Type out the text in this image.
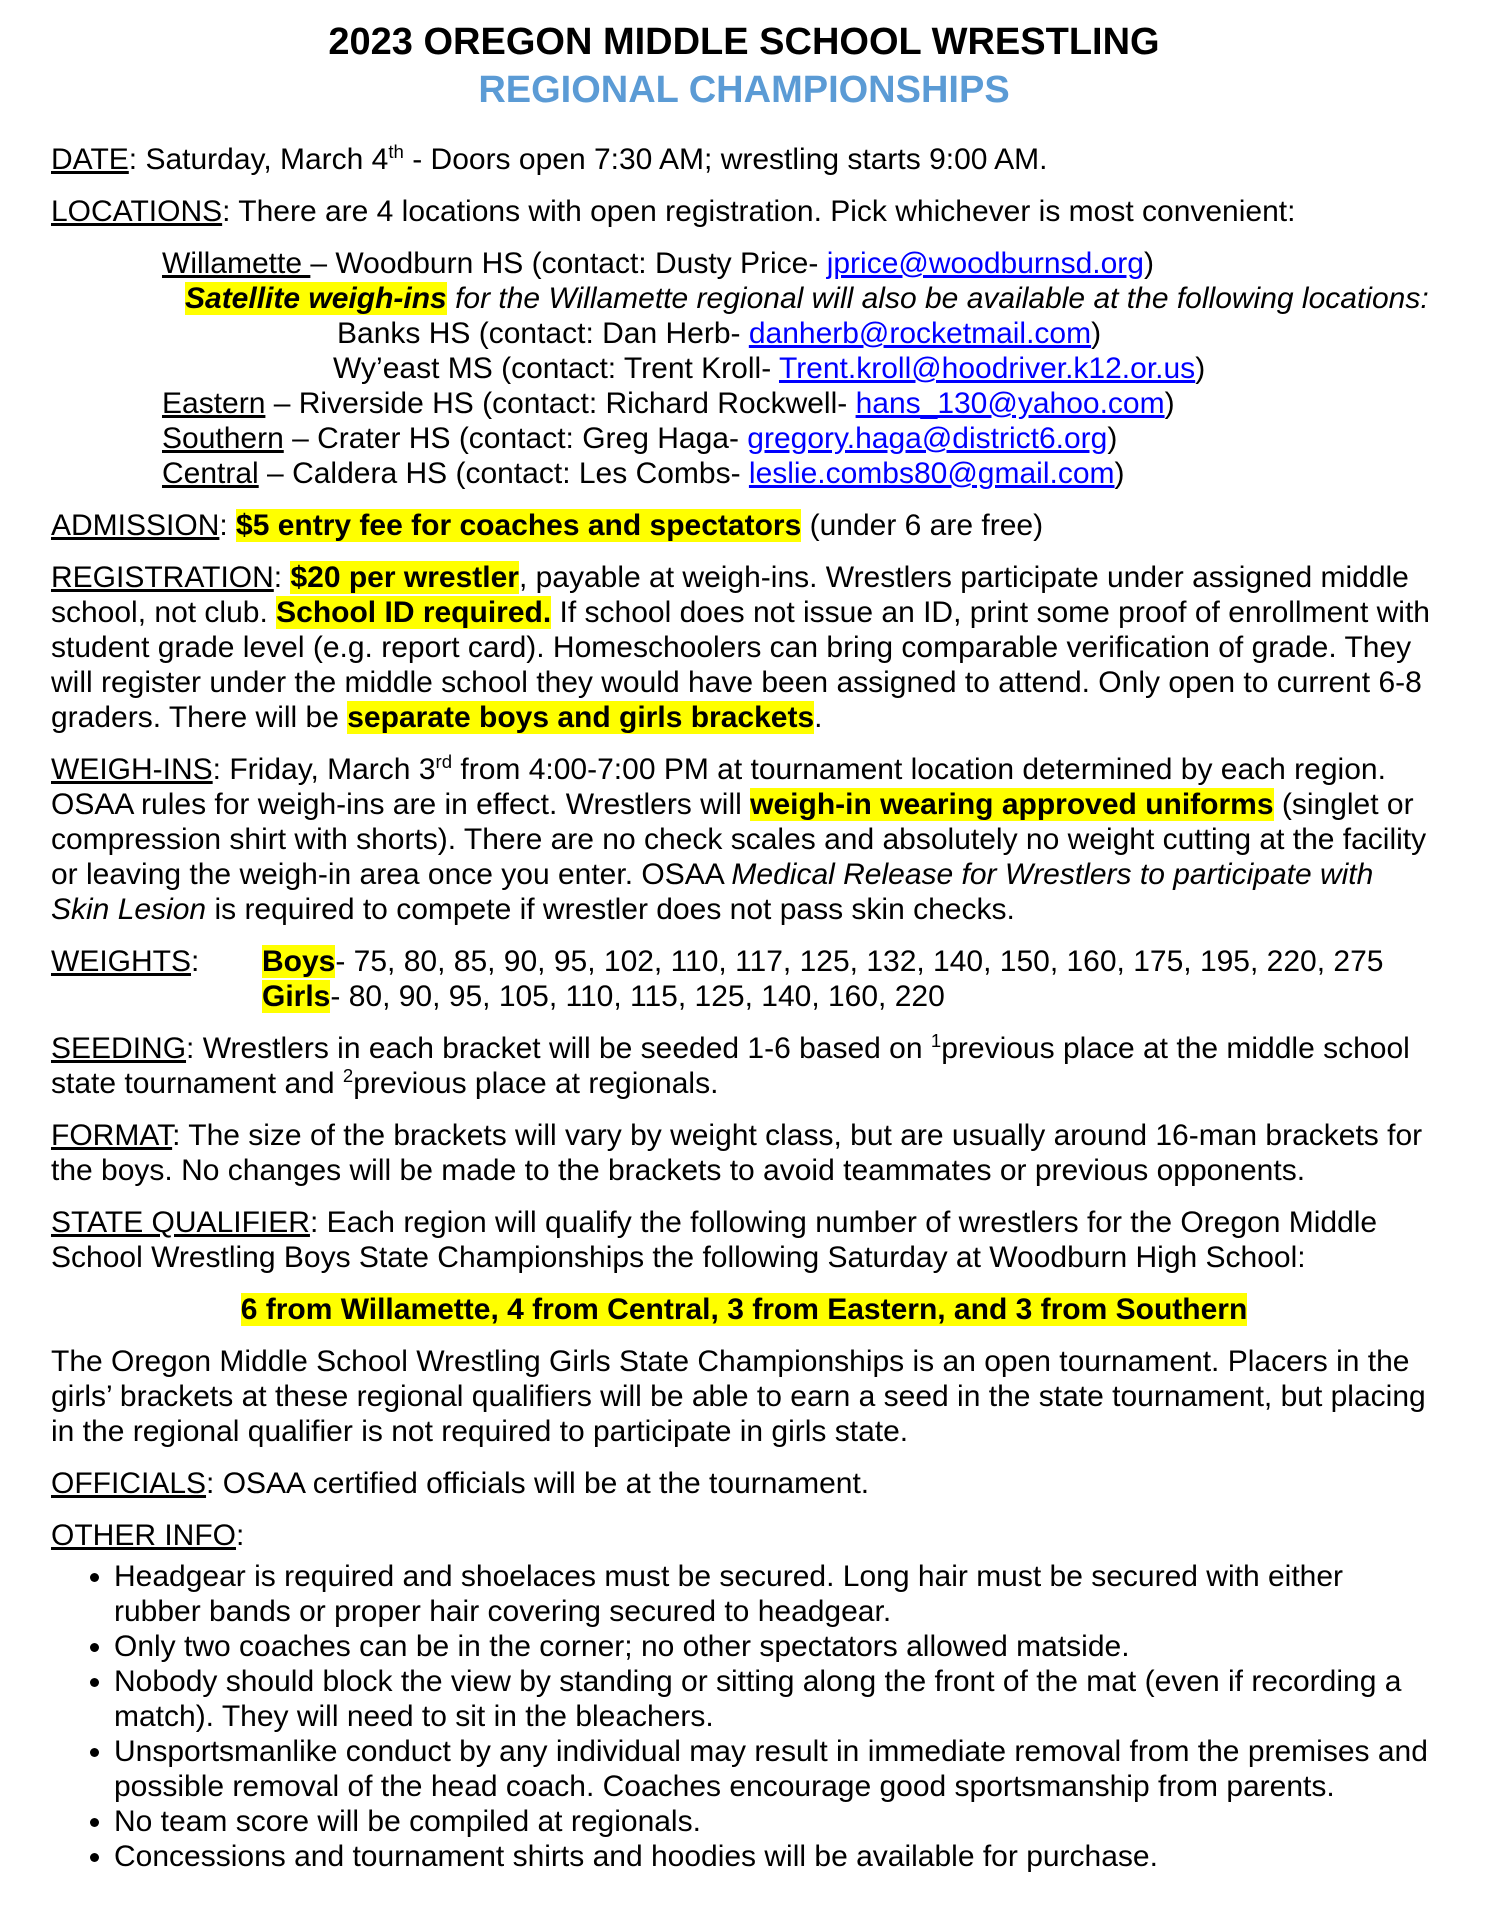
2023 OREGON MIDDLE SCHOOL WRESTLING
REGIONAL CHAMPIONSHIPS

DATE: Saturday, March 4th - Doors open 7:30 AM; wrestling starts 9:00 AM.

LOCATIONS: There are 4 locations with open registration. Pick whichever is most convenient:

Willamette – Woodburn HS (contact: Dusty Price- jprice@woodburnsd.org)

Satellite weigh-ins for the Willamette regional will also be available at the following locations:

Banks HS (contact: Dan Herb- danherb@rocketmail.com)

Wy’east MS (contact: Trent Kroll- Trent.kroll@hoodriver.k12.or.us)

Eastern – Riverside HS (contact: Richard Rockwell- hans_130@yahoo.com)

Southern – Crater HS (contact: Greg Haga- gregory.haga@district6.org)

Central – Caldera HS (contact: Les Combs- leslie.combs80@gmail.com)

ADMISSION: $5 entry fee for coaches and spectators (under 6 are free)

REGISTRATION: $20 per wrestler, payable at weigh-ins. Wrestlers participate under assigned middle school, not club. School ID required. If school does not issue an ID, print some proof of enrollment with student grade level (e.g. report card). Homeschoolers can bring comparable verification of grade. They will register under the middle school they would have been assigned to attend. Only open to current 6-8 graders. There will be separate boys and girls brackets.

WEIGH-INS: Friday, March 3rd from 4:00-7:00 PM at tournament location determined by each region. OSAA rules for weigh-ins are in effect. Wrestlers will weigh-in wearing approved uniforms (singlet or compression shirt with shorts). There are no check scales and absolutely no weight cutting at the facility or leaving the weigh-in area once you enter. OSAA Medical Release for Wrestlers to participate with Skin Lesion is required to compete if wrestler does not pass skin checks.

WEIGHTS:	Boys- 75, 80, 85, 90, 95, 102, 110, 117, 125, 132, 140, 150, 160, 175, 195, 220, 275

Girls- 80, 90, 95, 105, 110, 115, 125, 140, 160, 220

SEEDING: Wrestlers in each bracket will be seeded 1-6 based on $^1$previous place at the middle school state tournament and $^2$previous place at regionals.

FORMAT: The size of the brackets will vary by weight class, but are usually around 16-man brackets for the boys. No changes will be made to the brackets to avoid teammates or previous opponents.

STATE QUALIFIER: Each region will qualify the following number of wrestlers for the Oregon Middle School Wrestling Boys State Championships the following Saturday at Woodburn High School:

6 from Willamette, 4 from Central, 3 from Eastern, and 3 from Southern

The Oregon Middle School Wrestling Girls State Championships is an open tournament. Placers in the girls’ brackets at these regional qualifiers will be able to earn a seed in the state tournament, but placing in the regional qualifier is not required to participate in girls state.

OFFICIALS: OSAA certified officials will be at the tournament.

OTHER INFO:

• Headgear is required and shoelaces must be secured. Long hair must be secured with either rubber bands or proper hair covering secured to headgear.
• Only two coaches can be in the corner; no other spectators allowed matside.
• Nobody should block the view by standing or sitting along the front of the mat (even if recording a match). They will need to sit in the bleachers.
• Unsportsmanlike conduct by any individual may result in immediate removal from the premises and possible removal of the head coach. Coaches encourage good sportsmanship from parents.
• No team score will be compiled at regionals.
• Concessions and tournament shirts and hoodies will be available for purchase.
